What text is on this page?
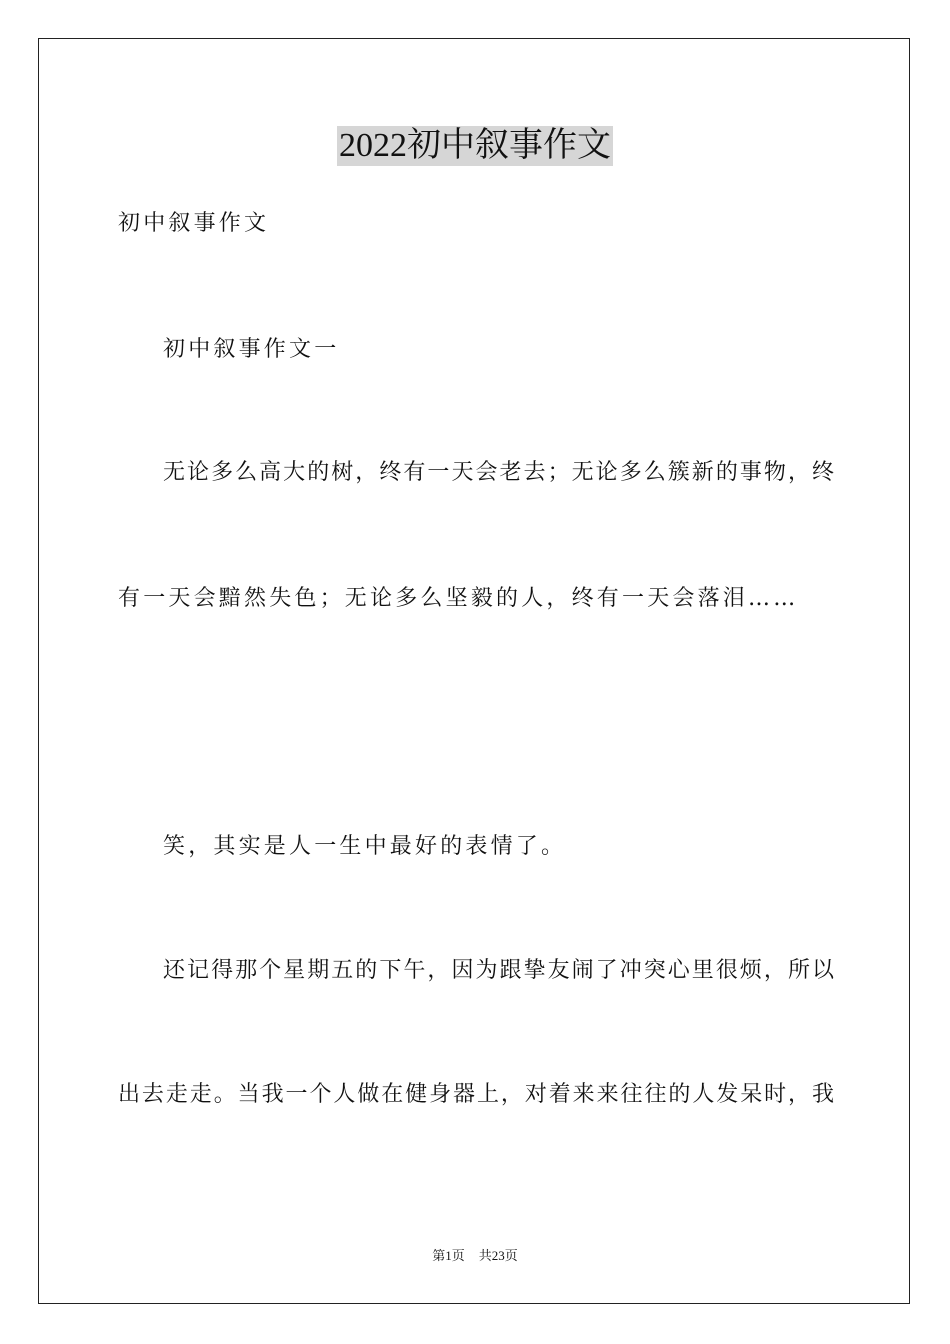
2022初中叙事作文
初中叙事作文
初中叙事作文一
无论多么高大的树，终有一天会老去；无论多么簇新的事物，终
有一天会黯然失色；无论多么坚毅的人，终有一天会落泪……
笑，其实是人一生中最好的表情了。
还记得那个星期五的下午，因为跟挚友闹了冲突心里很烦，所以
出去走走。当我一个人做在健身器上，对着来来往往的人发呆时，我
第1页 共23页
